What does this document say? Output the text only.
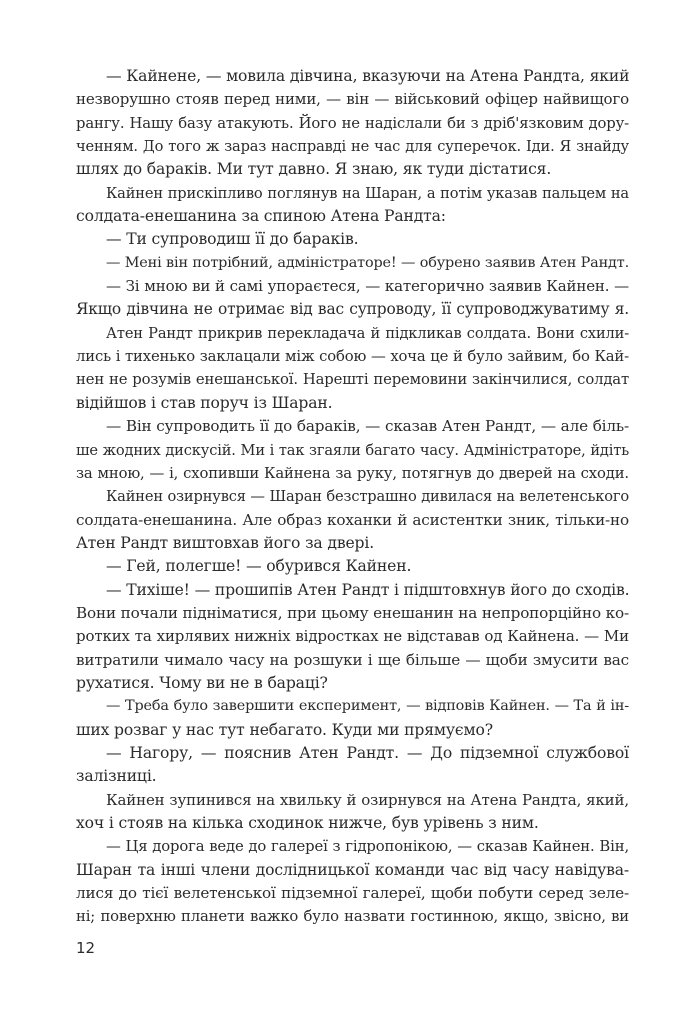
— Кайнене, — мовила дівчина, вказуючи на Атена Рандта, який
незворушно стояв перед ними, — він — військовий офіцер найвищого
рангу. Нашу базу атакують. Його не надіслали би з дріб'язковим дору-
ченням. До того ж зараз насправді не час для суперечок. Іди. Я знайду
шлях до бараків. Ми тут давно. Я знаю, як туди дістатися.
Кайнен прискіпливо поглянув на Шаран, а потім указав пальцем на
солдата-енешанина за спиною Атена Рандта:
— Ти супроводиш її до бараків.
— Мені він потрібний, адміністраторе! — обурено заявив Атен Рандт.
— Зі мною ви й самі упораєтеся, — категорично заявив Кайнен. —
Якщо дівчина не отримає від вас супроводу, її супроводжуватиму я.
Атен Рандт прикрив перекладача й підкликав солдата. Вони схили-
лись і тихенько заклацали між собою — хоча це й було зайвим, бо Кай-
нен не розумів енешанської. Нарешті перемовини закінчилися, солдат
відійшов і став поруч із Шаран.
— Він супроводить її до бараків, — сказав Атен Рандт, — але біль-
ше жодних дискусій. Ми і так згаяли багато часу. Адміністраторе, йдіть
за мною, — і, схопивши Кайнена за руку, потягнув до дверей на сходи.
Кайнен озирнувся — Шаран безстрашно дивилася на велетенського
солдата-енешанина. Але образ коханки й асистентки зник, тільки-но
Атен Рандт виштовхав його за двері.
— Гей, полегше! — обурився Кайнен.
— Тихіше! — прошипів Атен Рандт і підштовхнув його до сходів.
Вони почали підніматися, при цьому енешанин на непропорційно ко-
ротких та хирлявих нижніх відростках не відставав од Кайнена. — Ми
витратили чимало часу на розшуки і ще більше — щоби змусити вас
рухатися. Чому ви не в бараці?
— Треба було завершити експеримент, — відповів Кайнен. — Та й ін-
ших розваг у нас тут небагато. Куди ми прямуємо?
— Нагору, — пояснив Атен Рандт. — До підземної службової
залізниці.
Кайнен зупинився на хвильку й озирнувся на Атена Рандта, який,
хоч і стояв на кілька сходинок нижче, був урівень з ним.
— Ця дорога веде до галереї з гідропонікою, — сказав Кайнен. Він,
Шаран та інші члени дослідницької команди час від часу навідува-
лися до тієї велетенської підземної галереї, щоби побути серед зеле-
ні; поверхню планети важко було назвати гостинною, якщо, звісно, ви
12
